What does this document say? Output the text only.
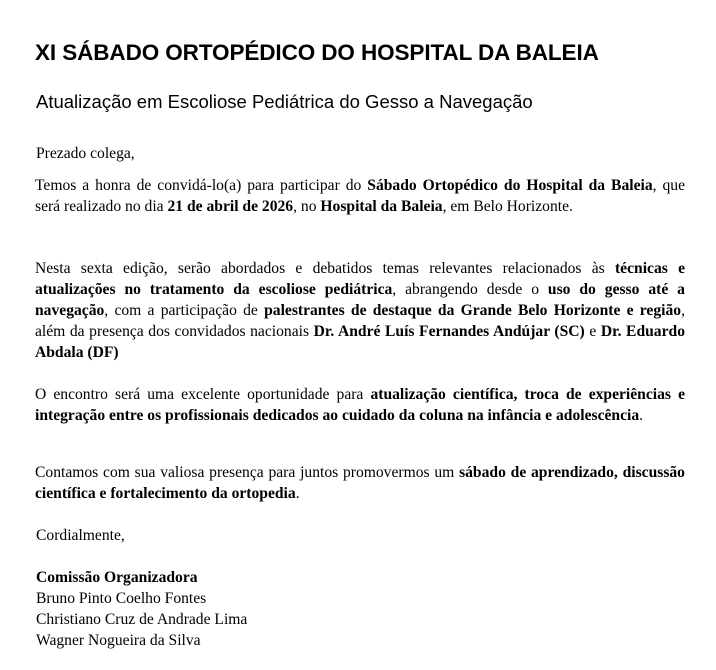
XI SÁBADO ORTOPÉDICO DO HOSPITAL DA BALEIA
Atualização em Escoliose Pediátrica do Gesso a Navegação

Prezado colega,

Temos a honra de convidá-lo(a) para participar do Sábado Ortopédico do Hospital da Baleia, que será realizado no dia 21 de abril de 2026, no Hospital da Baleia, em Belo Horizonte.

Nesta sexta edição, serão abordados e debatidos temas relevantes relacionados às técnicas e atualizações no tratamento da escoliose pediátrica, abrangendo desde o uso do gesso até a navegação, com a participação de palestrantes de destaque da Grande Belo Horizonte e região, além da presença dos convidados nacionais Dr. André Luís Fernandes Andújar (SC) e Dr. Eduardo Abdala (DF)

O encontro será uma excelente oportunidade para atualização científica, troca de experiências e integração entre os profissionais dedicados ao cuidado da coluna na infância e adolescência.

Contamos com sua valiosa presença para juntos promovermos um sábado de aprendizado, discussão científica e fortalecimento da ortopedia.

Cordialmente,

Comissão Organizadora
Bruno Pinto Coelho Fontes
Christiano Cruz de Andrade Lima
Wagner Nogueira da Silva
